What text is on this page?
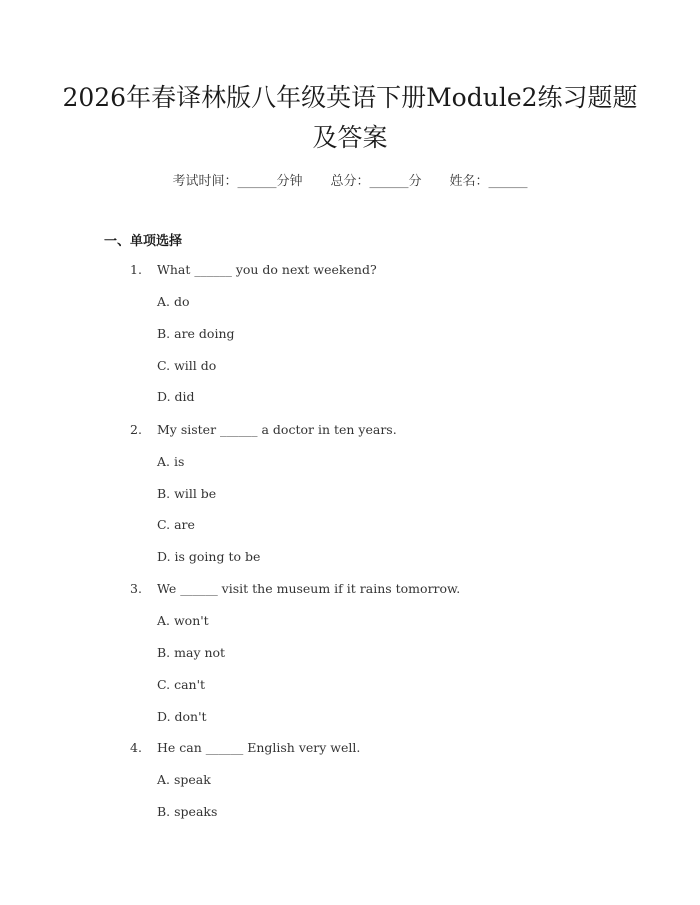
2026年春译林版八年级英语下册Module2练习题题及答案
考试时间：______分钟 总分：______分 姓名：______
一、单项选择
1. What ______ you do next weekend?
A. do
B. are doing
C. will do
D. did
2. My sister ______ a doctor in ten years.
A. is
B. will be
C. are
D. is going to be
3. We ______ visit the museum if it rains tomorrow.
A. won't
B. may not
C. can't
D. don't
4. He can ______ English very well.
A. speak
B. speaks
